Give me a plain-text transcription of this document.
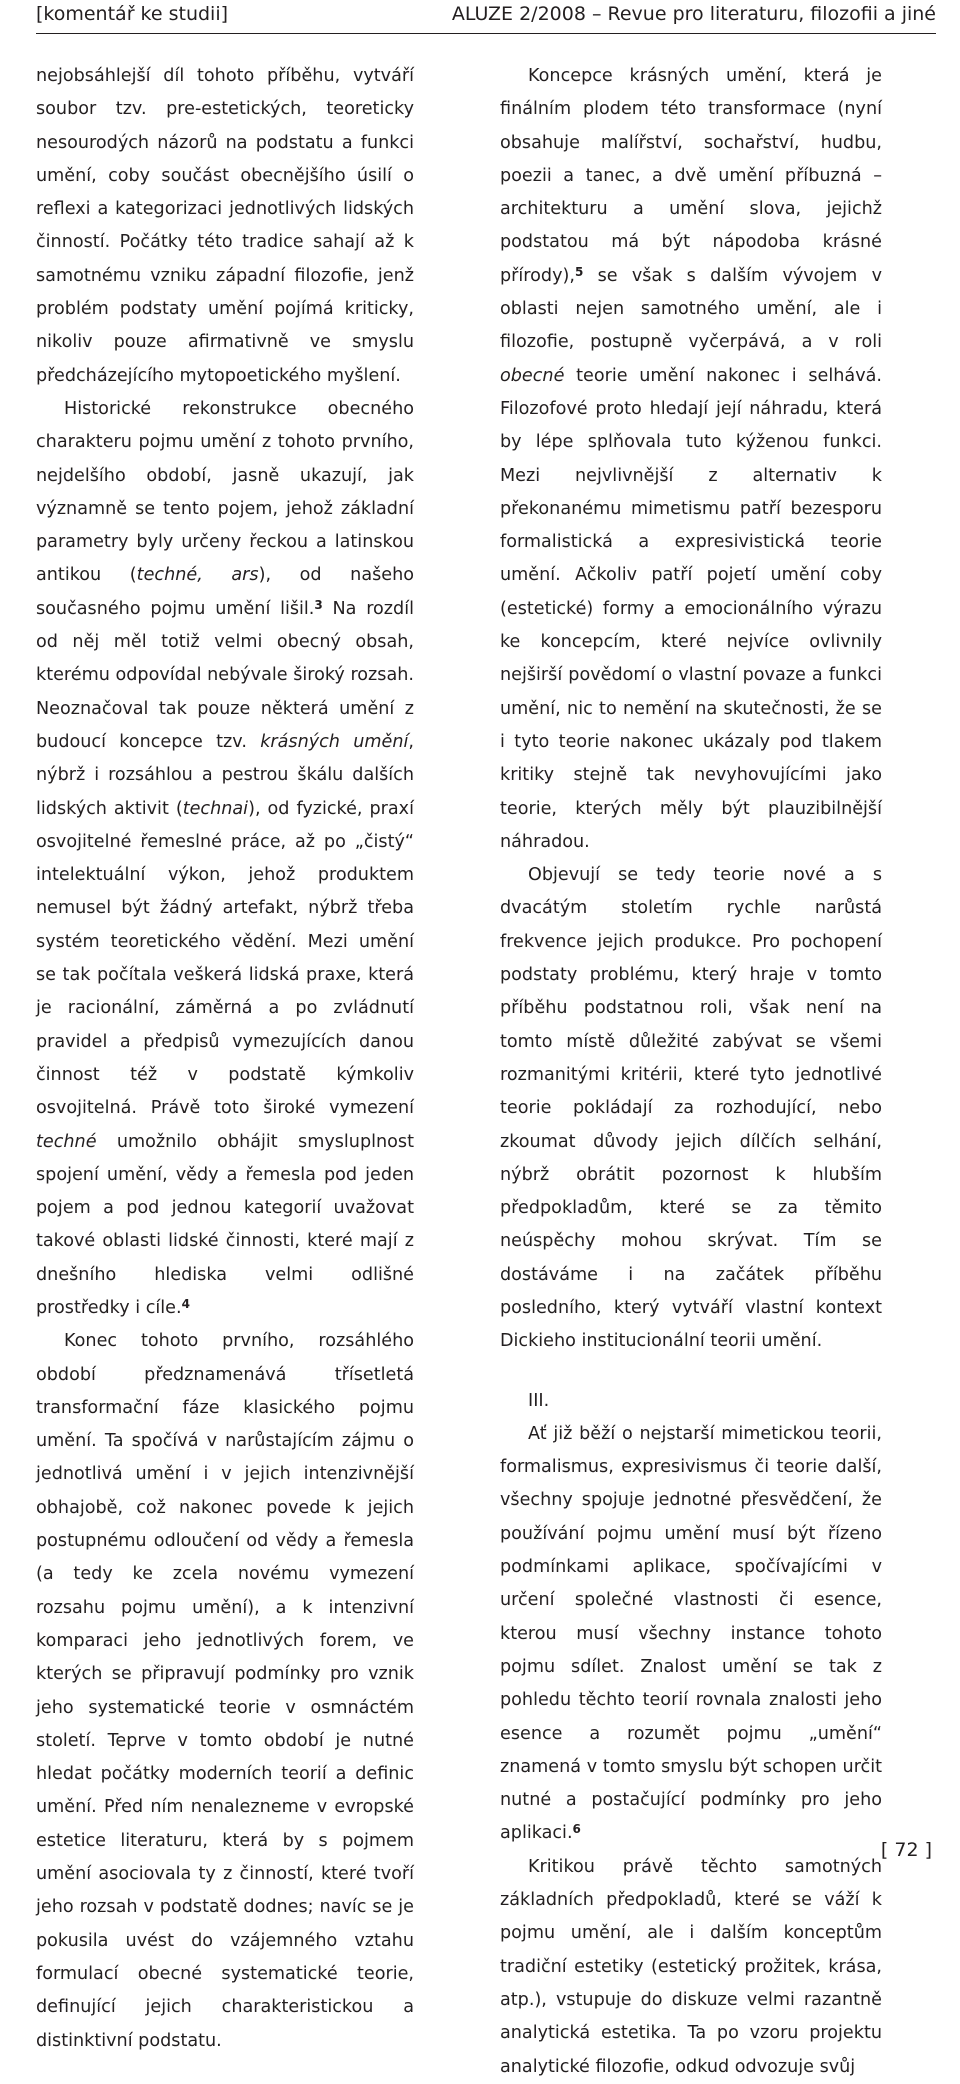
[komentář ke studii]	ALUZE 2/2008 – Revue pro literaturu, filozofii a jiné

nejobsáhlejší díl tohoto příběhu, vytváří soubor tzv. pre-estetických, teoreticky nesourodých názorů na podstatu a funkci umění, coby součást obecnějšího úsilí o reflexi a kategorizaci jednotlivých lidských činností. Počátky této tradice sahají až k samotnému vzniku západní filozofie, jenž problém podstaty umění pojímá kriticky, nikoliv pouze afirmativně ve smyslu předcházejícího mytopoetického myšlení.

Historické rekonstrukce obecného charakteru pojmu umění z tohoto prvního, nejdelšího období, jasně ukazují, jak významně se tento pojem, jehož základní parametry byly určeny řeckou a latinskou antikou (techné, ars), od našeho současného pojmu umění lišil.$^3$ Na rozdíl od něj měl totiž velmi obecný obsah, kterému odpovídal nebývale široký rozsah. Neoznačoval tak pouze některá umění z budoucí koncepce tzv. krásných umění, nýbrž i rozsáhlou a pestrou škálu dalších lidských aktivit (technai), od fyzické, praxí osvojitelné řemeslné práce, až po „čistý“ intelektuální výkon, jehož produktem nemusel být žádný artefakt, nýbrž třeba systém teoretického vědění. Mezi umění se tak počítala veškerá lidská praxe, která je racionální, záměrná a po zvládnutí pravidel a předpisů vymezujících danou činnost též v podstatě kýmkoliv osvojitelná. Právě toto široké vymezení techné umožnilo obhájit smysluplnost spojení umění, vědy a řemesla pod jeden pojem a pod jednou kategorií uvažovat takové oblasti lidské činnosti, které mají z dnešního hlediska velmi odlišné prostředky i cíle.$^4$

Konec tohoto prvního, rozsáhlého období předznamenává třísetletá transformační fáze klasického pojmu umění. Ta spočívá v narůstajícím zájmu o jednotlivá umění i v jejich intenzivnější obhajobě, což nakonec povede k jejich postupnému odloučení od vědy a řemesla (a tedy ke zcela novému vymezení rozsahu pojmu umění), a k intenzivní komparaci jeho jednotlivých forem, ve kterých se připravují podmínky pro vznik jeho systematické teorie v osmnáctém století. Teprve v tomto období je nutné hledat počátky moderních teorií a definic umění. Před ním nenalezneme v evropské estetice literaturu, která by s pojmem umění asociovala ty z činností, které tvoří jeho rozsah v podstatě dodnes; navíc se je pokusila uvést do vzájemného vztahu formulací obecné systematické teorie, definující jejich charakteristickou a distinktivní podstatu.

Koncepce krásných umění, která je finálním plodem této transformace (nyní obsahuje malířství, sochařství, hudbu, poezii a tanec, a dvě umění příbuzná – architekturu a umění slova, jejichž podstatou má být nápodoba krásné přírody),$^5$ se však s dalším vývojem v oblasti nejen samotného umění, ale i filozofie, postupně vyčerpává, a v roli obecné teorie umění nakonec i selhává. Filozofové proto hledají její náhradu, která by lépe splňovala tuto kýženou funkci. Mezi nejvlivnější z alternativ k překonanému mimetismu patří bezesporu formalistická a expresivistická teorie umění. Ačkoliv patří pojetí umění coby (estetické) formy a emocionálního výrazu ke koncepcím, které nejvíce ovlivnily nejširší povědomí o vlastní povaze a funkci umění, nic to nemění na skutečnosti, že se i tyto teorie nakonec ukázaly pod tlakem kritiky stejně tak nevyhovujícími jako teorie, kterých měly být plauzibilnější náhradou.

Objevují se tedy teorie nové a s dvacátým stoletím rychle narůstá frekvence jejich produkce. Pro pochopení podstaty problému, který hraje v tomto příběhu podstatnou roli, však není na tomto místě důležité zabývat se všemi rozmanitými kritérii, které tyto jednotlivé teorie pokládají za rozhodující, nebo zkoumat důvody jejich dílčích selhání, nýbrž obrátit pozornost k hlubším předpokladům, které se za těmito neúspěchy mohou skrývat. Tím se dostáváme i na začátek příběhu posledního, který vytváří vlastní kontext Dickieho institucionální teorii umění.

III.

Ať již běží o nejstarší mimetickou teorii, formalismus, expresivismus či teorie další, všechny spojuje jednotné přesvědčení, že používání pojmu umění musí být řízeno podmínkami aplikace, spočívajícími v určení společné vlastnosti či esence, kterou musí všechny instance tohoto pojmu sdílet. Znalost umění se tak z pohledu těchto teorií rovnala znalosti jeho esence a rozumět pojmu „umění“ znamená v tomto smyslu být schopen určit nutné a postačující podmínky pro jeho aplikaci.$^6$

Kritikou právě těchto samotných základních předpokladů, které se váží k pojmu umění, ale i dalším konceptům tradiční estetiky (estetický prožitek, krása, atp.), vstupuje do diskuze velmi razantně analytická estetika. Ta po vzoru projektu analytické filozofie, odkud odvozuje svůj

[ 72 ]
